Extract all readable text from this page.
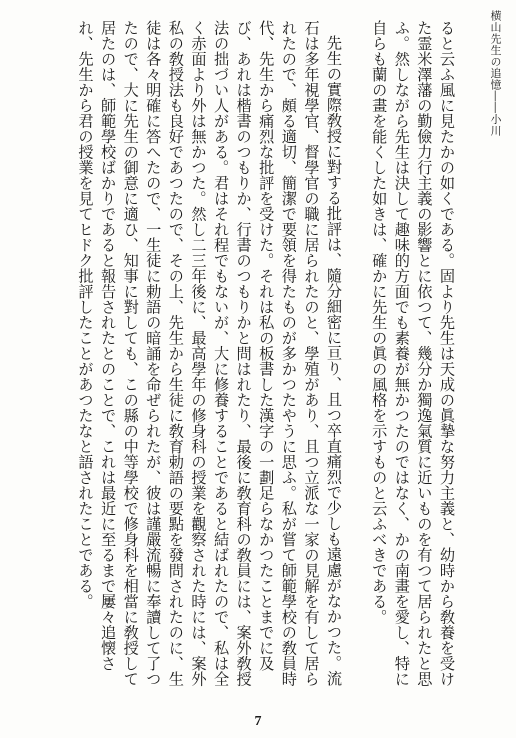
横山先生の追憶――小川

ると云ふ風に見たかの如くである。固より先生は天成の眞摯な努力主義と、幼時から敎養を受けた霊米澤藩の勤儉力行主義の影響とに依つて、幾分か獨逸氣質に近いものを有つて居られたと思ふ。然しながら先生は決して趣味的方面でも素養が無かつたのではなく、かの南畫を愛し、特に自らも蘭の畫を能くした如きは、確かに先生の眞の風格を示すものと云ふべきである。

先生の實際敎授に對する批評は、隨分細密に亘り、且つ卒直痛烈で少しも遠慮がなかつた。流石は多年視學官、督學官の職に居られたのと、學殖があり、且つ立派な一家の見解を有して居られたので、頗る適切、簡潔で要領を得たものが多かつたやうに思ふ。私が嘗て師範學校の敎員時代、先生から痛烈な批評を受けた。それは私の板書した漢字の一劃足らなかつたことまでに及び、あれは楷書のつもりか、行書のつもりかと問はれたり、最後に敎育科の敎員には、案外敎授法の拙づい人がある。君はそれ程でもないが、大に修養することであると結ばれたので、私は全く赤面より外は無かつた。然し二三年後に、最高學年の修身科の授業を觀察された時には、案外私の敎授法も良好であつたので、その上、先生から生徒に敎育勅語の要點を發問されたのに、生徒は各々明確に答へたので、一生徒に勅語の暗誦を命ぜられたが、彼は謹嚴流暢に奉讀して了つたので、大に先生の御意に適ひ、知事に對しても、この縣の中等學校で修身科を相當に敎授して居たのは、師範學校ばかりであると報告されたとのことで、これは最近に至るまで屢々追懐され、先生から君の授業を見てヒドク批評したことがあつたなと語されたことである。

7
